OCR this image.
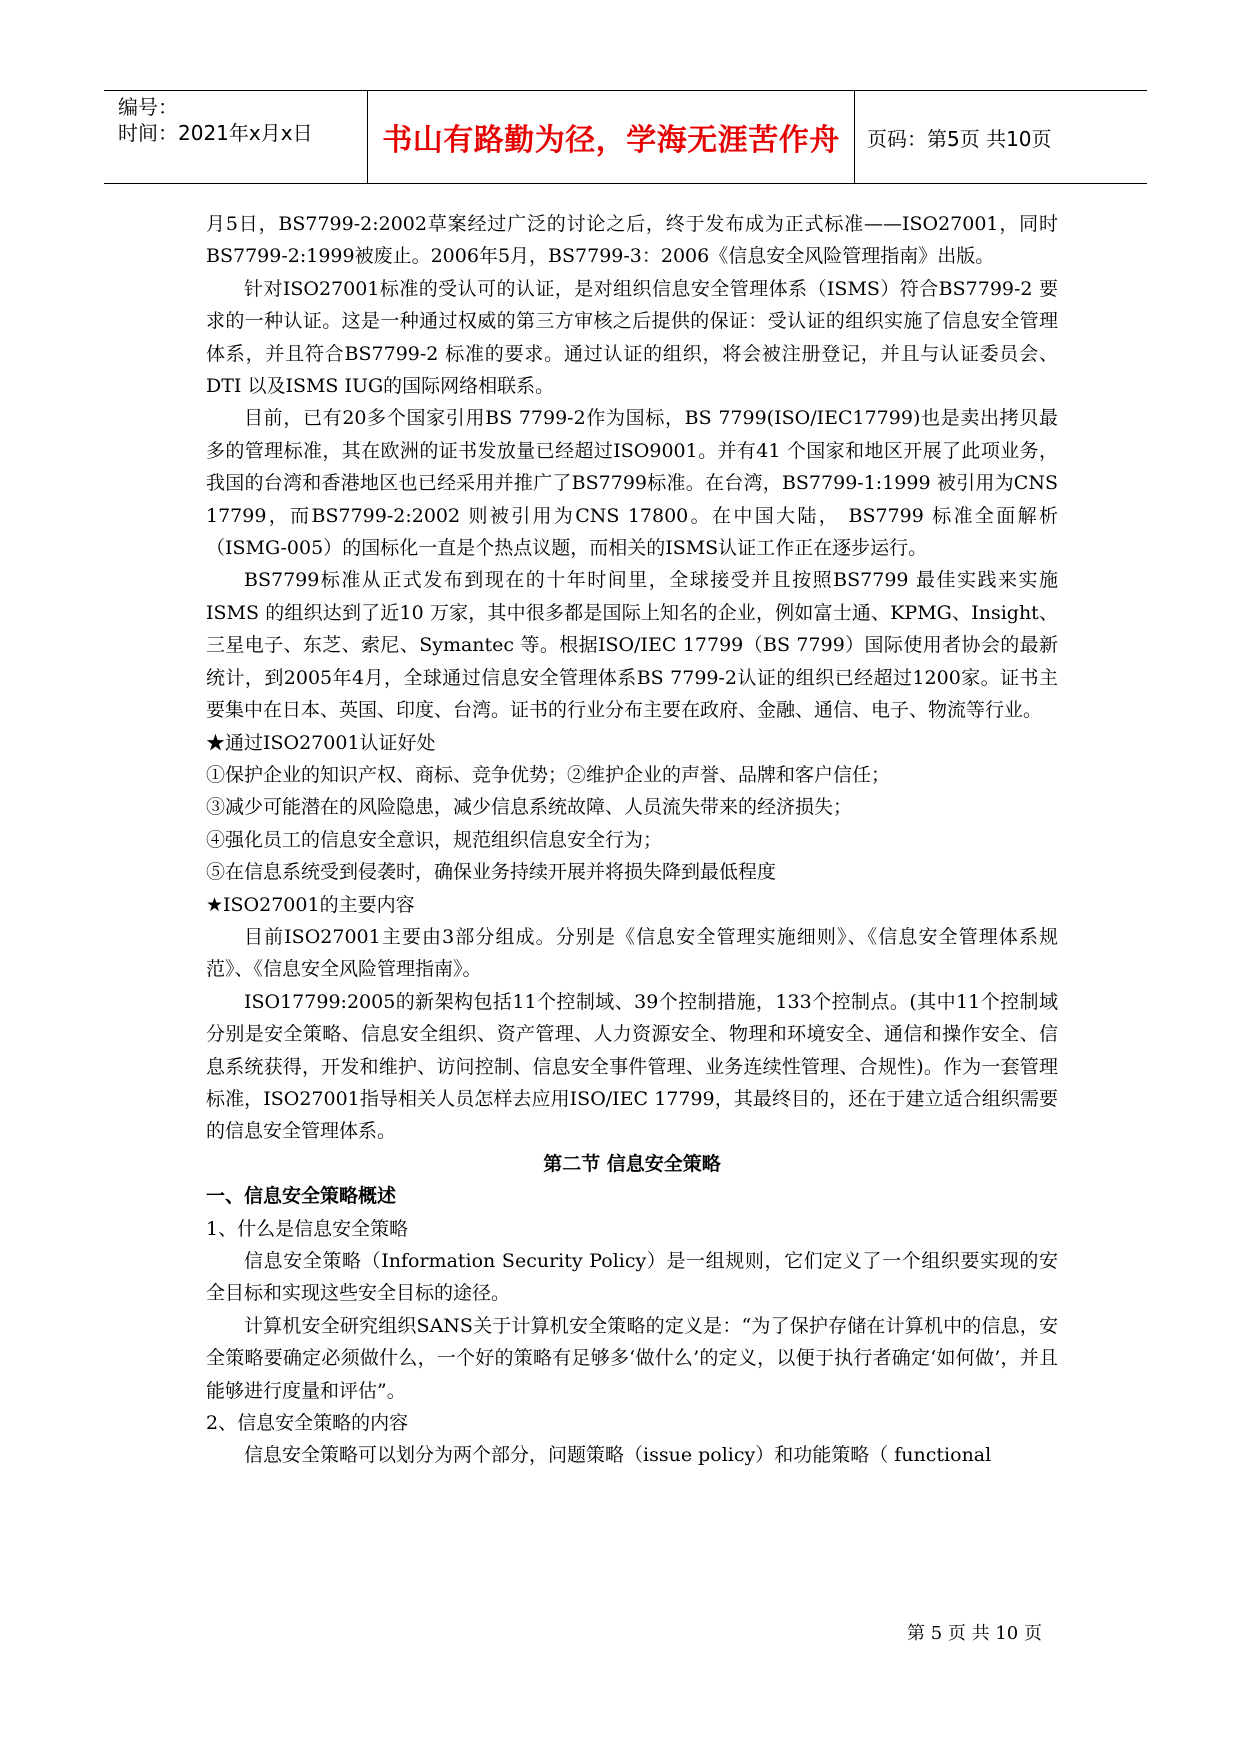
编号：
时间：2021年x月x日 书山有路勤为径，学海无涯苦作舟 页码：第5页 共10页

月5日，BS7799-2:2002草案经过广泛的讨论之后，终于发布成为正式标准——ISO27001，同时BS7799-2:1999被废止。2006年5月，BS7799-3：2006《信息安全风险管理指南》出版。

针对ISO27001标准的受认可的认证，是对组织信息安全管理体系（ISMS）符合BS7799-2 要求的一种认证。这是一种通过权威的第三方审核之后提供的保证：受认证的组织实施了信息安全管理体系，并且符合BS7799-2 标准的要求。通过认证的组织，将会被注册登记，并且与认证委员会、DTI 以及ISMS IUG的国际网络相联系。

目前，已有20多个国家引用BS 7799-2作为国标，BS 7799(ISO/IEC17799)也是卖出拷贝最多的管理标准，其在欧洲的证书发放量已经超过ISO9001。并有41 个国家和地区开展了此项业务， 我国的台湾和香港地区也已经采用并推广了BS7799标准。在台湾，BS7799-1:1999 被引用为CNS 17799，而BS7799-2:2002 则被引用为CNS 17800。在中国大陆， BS7799 标准全面解析（ISMG-005）的国标化一直是个热点议题，而相关的ISMS认证工作正在逐步运行。

BS7799标准从正式发布到现在的十年时间里，全球接受并且按照BS7799 最佳实践来实施ISMS 的组织达到了近10 万家，其中很多都是国际上知名的企业，例如富士通、KPMG、Insight、三星电子、东芝、索尼、Symantec 等。根据ISO/IEC 17799（BS 7799）国际使用者协会的最新统计，到2005年4月，全球通过信息安全管理体系BS 7799-2认证的组织已经超过1200家。证书主要集中在日本、英国、印度、台湾。证书的行业分布主要在政府、金融、通信、电子、物流等行业。

★通过ISO27001认证好处

①保护企业的知识产权、商标、竞争优势；②维护企业的声誉、品牌和客户信任；

③减少可能潜在的风险隐患，减少信息系统故障、人员流失带来的经济损失；

④强化员工的信息安全意识，规范组织信息安全行为；

⑤在信息系统受到侵袭时，确保业务持续开展并将损失降到最低程度

★ISO27001的主要内容

目前ISO27001主要由3部分组成。分别是《信息安全管理实施细则》、《信息安全管理体系规范》、《信息安全风险管理指南》。

ISO17799:2005的新架构包括11个控制域、39个控制措施，133个控制点。(其中11个控制域分别是安全策略、信息安全组织、资产管理、人力资源安全、物理和环境安全、通信和操作安全、信息系统获得，开发和维护、访问控制、信息安全事件管理、业务连续性管理、合规性)。作为一套管理标准，ISO27001指导相关人员怎样去应用ISO/IEC 17799，其最终目的，还在于建立适合组织需要的信息安全管理体系。

第二节 信息安全策略

一、信息安全策略概述

1、什么是信息安全策略

信息安全策略（Information Security Policy）是一组规则，它们定义了一个组织要实现的安全目标和实现这些安全目标的途径。

计算机安全研究组织SANS关于计算机安全策略的定义是：“为了保护存储在计算机中的信息，安全策略要确定必须做什么，一个好的策略有足够多‘做什么’的定义，以便于执行者确定‘如何做’，并且能够进行度量和评估”。

2、信息安全策略的内容

信息安全策略可以划分为两个部分，问题策略（issue policy）和功能策略（ functional

第 5 页 共 10 页
